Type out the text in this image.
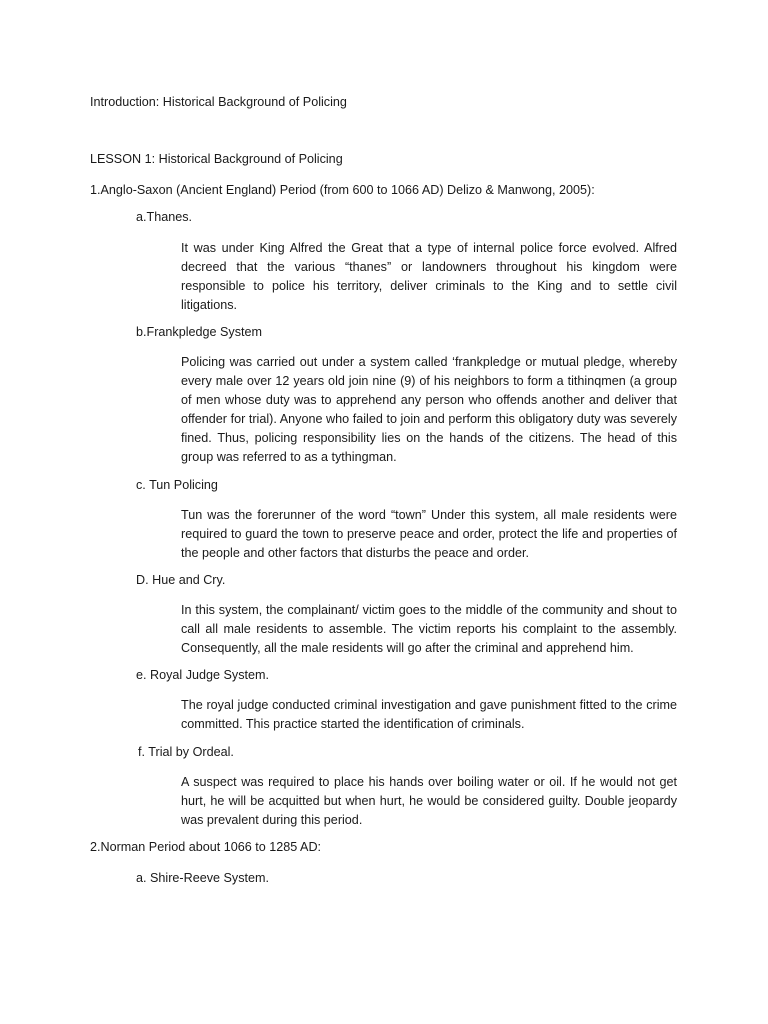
Introduction: Historical Background of Policing

LESSON 1: Historical Background of Policing

1.Anglo-Saxon (Ancient England) Period (from 600 to 1066 AD) Delizo & Manwong, 2005):

a.Thanes.

It was under King Alfred the Great that a type of internal police force evolved. Alfred decreed that the various “thanes” or landowners throughout his kingdom were responsible to police his territory, deliver criminals to the King and to settle civil litigations.

b.Frankpledge System

Policing was carried out under a system called ‘frankpledge or mutual pledge, whereby every male over 12 years old join nine (9) of his neighbors to form a tithinqmen (a group of men whose duty was to apprehend any person who offends another and deliver that offender for trial). Anyone who failed to join and perform this obligatory duty was severely fined. Thus, policing responsibility lies on the hands of the citizens. The head of this group was referred to as a tythingman.

c. Tun Policing

Tun was the forerunner of the word “town” Under this system, all male residents were required to guard the town to preserve peace and order, protect the life and properties of the people and other factors that disturbs the peace and order.

D. Hue and Cry.

In this system, the complainant/ victim goes to the middle of the community and shout to call all male residents to assemble. The victim reports his complaint to the assembly. Consequently, all the male residents will go after the criminal and apprehend him.

e. Royal Judge System.

The royal judge conducted criminal investigation and gave punishment fitted to the crime committed. This practice started the identification of criminals.

f. Trial by Ordeal.

A suspect was required to place his hands over boiling water or oil. If he would not get hurt, he will be acquitted but when hurt, he would be considered guilty. Double jeopardy was prevalent during this period.

2.Norman Period about 1066 to 1285 AD:

a. Shire-Reeve System.
